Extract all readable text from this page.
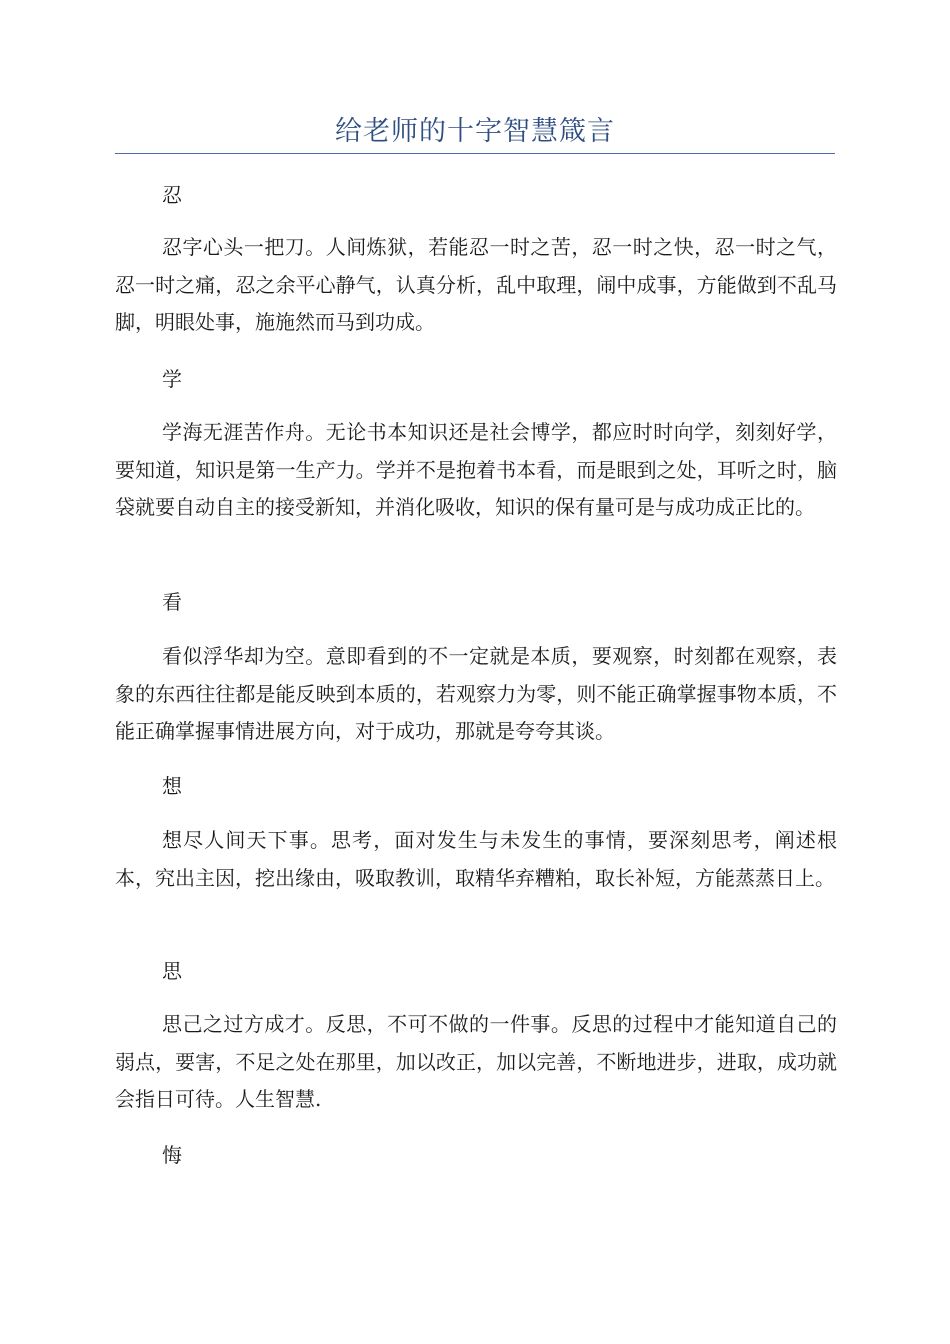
给老师的十字智慧箴言
忍

忍字心头一把刀。人间炼狱，若能忍一时之苦，忍一时之快，忍一时之气，忍一时之痛，忍之余平心静气，认真分析，乱中取理，闹中成事，方能做到不乱马脚，明眼处事，施施然而马到功成。

学

学海无涯苦作舟。无论书本知识还是社会博学，都应时时向学，刻刻好学，要知道，知识是第一生产力。学并不是抱着书本看，而是眼到之处，耳听之时，脑袋就要自动自主的接受新知，并消化吸收，知识的保有量可是与成功成正比的。

看

看似浮华却为空。意即看到的不一定就是本质，要观察，时刻都在观察，表象的东西往往都是能反映到本质的，若观察力为零，则不能正确掌握事物本质，不能正确掌握事情进展方向，对于成功，那就是夸夸其谈。

想

想尽人间天下事。思考，面对发生与未发生的事情，要深刻思考，阐述根本，究出主因，挖出缘由，吸取教训，取精华弃糟粕，取长补短，方能蒸蒸日上。

思

思己之过方成才。反思，不可不做的一件事。反思的过程中才能知道自己的弱点，要害，不足之处在那里，加以改正，加以完善，不断地进步，进取，成功就会指日可待。人生智慧.

悔
